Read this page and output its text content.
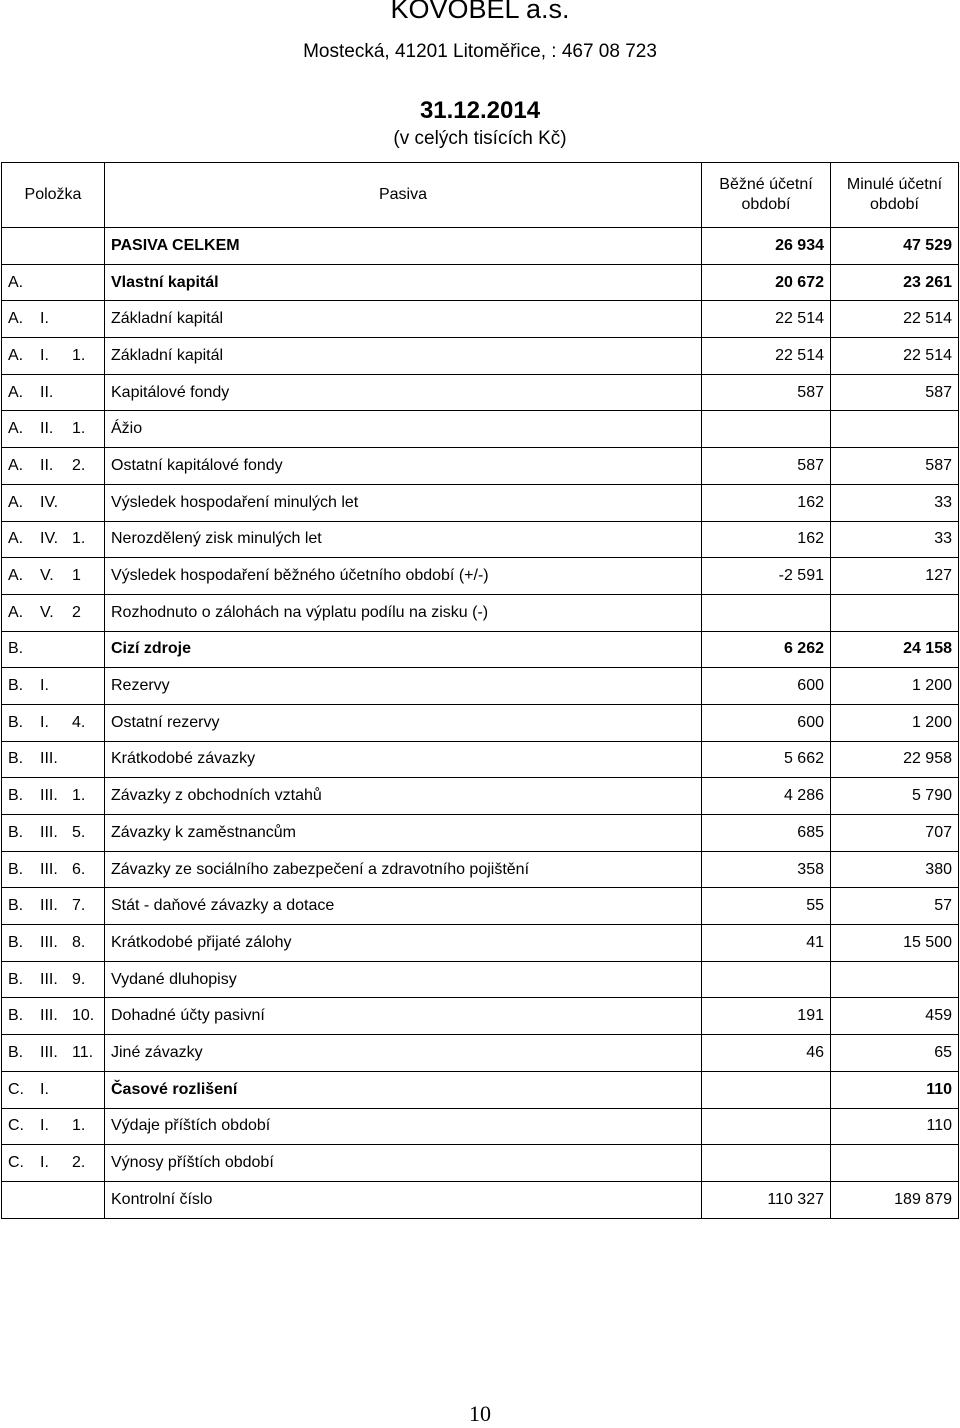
KOVOBEL a.s.
Mostecká, 41201 Litoměřice, : 467 08 723
31.12.2014
(v celých tisících Kč)
Položka	Pasiva	Běžné účetní období	Minulé účetní období
	PASIVA CELKEM	26 934	47 529
A.	Vlastní kapitál	20 672	23 261
A. I.	Základní kapitál	22 514	22 514
A. I. 1.	Základní kapitál	22 514	22 514
A. II.	Kapitálové fondy	587	587
A. II. 1.	Ážio		
A. II. 2.	Ostatní kapitálové fondy	587	587
A. IV.	Výsledek hospodaření minulých let	162	33
A. IV. 1.	Nerozdělený zisk minulých let	162	33
A. V. 1	Výsledek hospodaření běžného účetního období (+/-)	-2 591	127
A. V. 2	Rozhodnuto o zálohách na výplatu podílu na zisku (-)		
B.	Cizí zdroje	6 262	24 158
B. I.	Rezervy	600	1 200
B. I. 4.	Ostatní rezervy	600	1 200
B. III.	Krátkodobé závazky	5 662	22 958
B. III. 1.	Závazky z obchodních vztahů	4 286	5 790
B. III. 5.	Závazky k zaměstnancům	685	707
B. III. 6.	Závazky ze sociálního zabezpečení a zdravotního pojištění	358	380
B. III. 7.	Stát - daňové závazky a dotace	55	57
B. III. 8.	Krátkodobé přijaté zálohy	41	15 500
B. III. 9.	Vydané dluhopisy		
B. III. 10.	Dohadné účty pasivní	191	459
B. III. 11.	Jiné závazky	46	65
C. I.	Časové rozlišení		110
C. I. 1.	Výdaje příštích období		110
C. I. 2.	Výnosy příštích období		
	Kontrolní číslo	110 327	189 879
10
